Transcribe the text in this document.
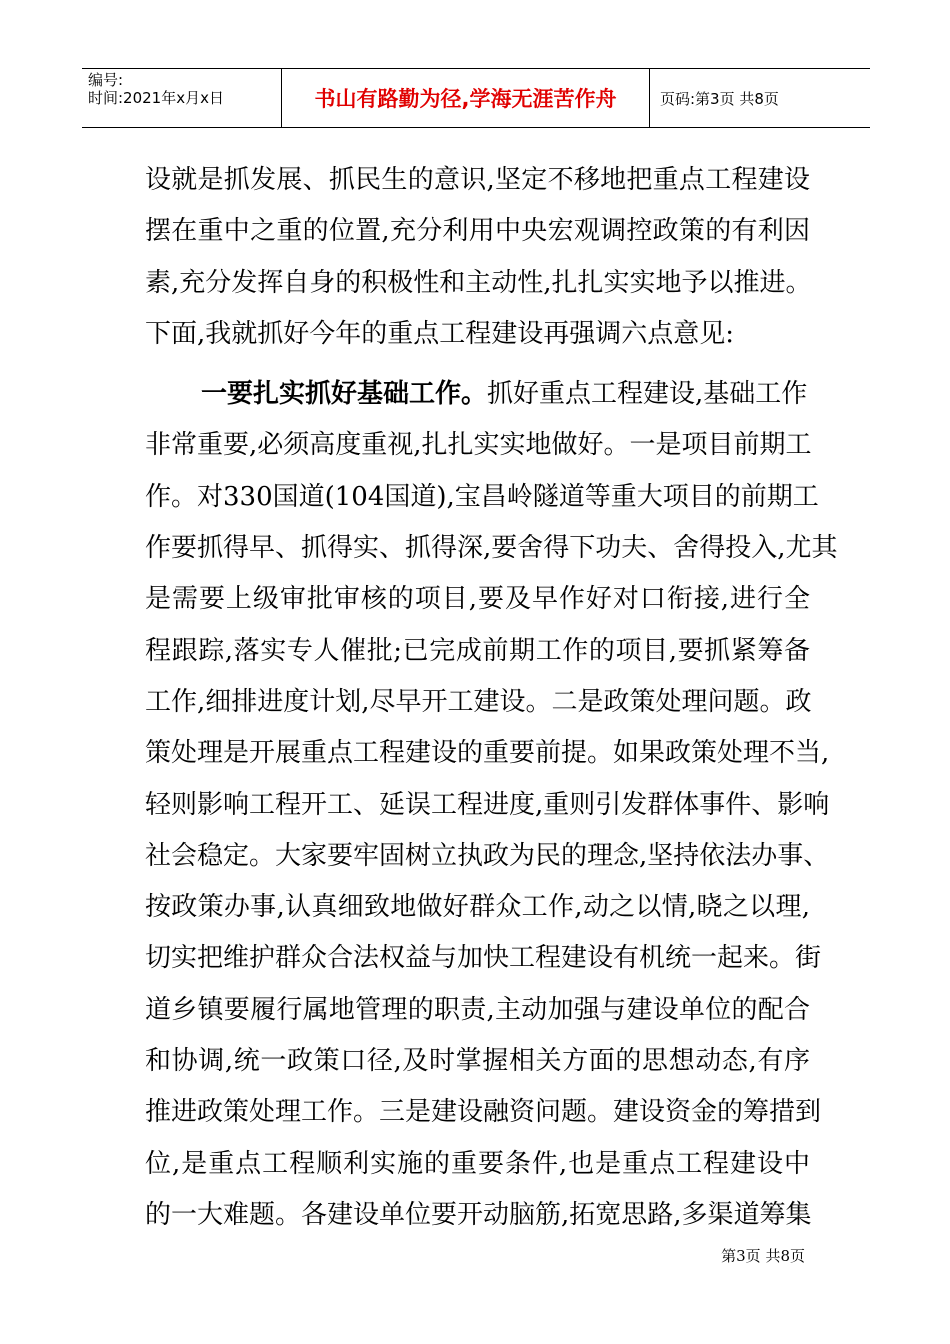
编号:
时间:2021年x月x日	书山有路勤为径,学海无涯苦作舟	页码:第3页 共8页
设就是抓发展、抓民生的意识,坚定不移地把重点工程建设
摆在重中之重的位置,充分利用中央宏观调控政策的有利因
素,充分发挥自身的积极性和主动性,扎扎实实地予以推进。
下面,我就抓好今年的重点工程建设再强调六点意见:
一要扎实抓好基础工作。抓好重点工程建设,基础工作
非常重要,必须高度重视,扎扎实实地做好。一是项目前期工
作。对330国道(104国道),宝昌岭隧道等重大项目的前期工
作要抓得早、抓得实、抓得深,要舍得下功夫、舍得投入,尤其
是需要上级审批审核的项目,要及早作好对口衔接,进行全
程跟踪,落实专人催批;已完成前期工作的项目,要抓紧筹备
工作,细排进度计划,尽早开工建设。二是政策处理问题。政
策处理是开展重点工程建设的重要前提。如果政策处理不当,
轻则影响工程开工、延误工程进度,重则引发群体事件、影响
社会稳定。大家要牢固树立执政为民的理念,坚持依法办事、
按政策办事,认真细致地做好群众工作,动之以情,晓之以理,
切实把维护群众合法权益与加快工程建设有机统一起来。街
道乡镇要履行属地管理的职责,主动加强与建设单位的配合
和协调,统一政策口径,及时掌握相关方面的思想动态,有序
推进政策处理工作。三是建设融资问题。建设资金的筹措到
位,是重点工程顺利实施的重要条件,也是重点工程建设中
的一大难题。各建设单位要开动脑筋,拓宽思路,多渠道筹集
第3页 共8页
